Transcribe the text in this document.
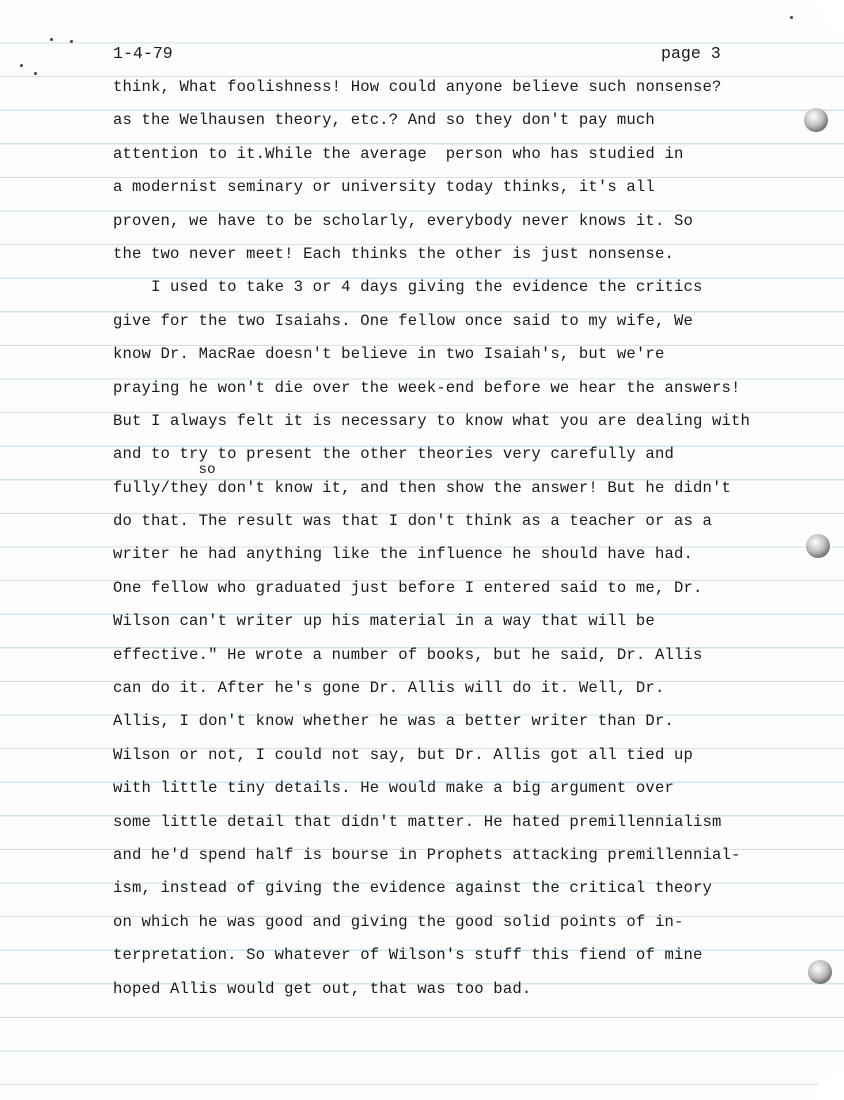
1-4-79	page 3
think, What foolishness! How could anyone believe such nonsense?
as the Welhausen theory, etc.? And so they don't pay much
attention to it.While the average  person who has studied in
a modernist seminary or university today thinks, it's all
proven, we have to be scholarly, everybody never knows it. So
the two never meet! Each thinks the other is just nonsense.
I used to take 3 or 4 days giving the evidence the critics
give for the two Isaiahs. One fellow once said to my wife, We
know Dr. MacRae doesn't believe in two Isaiah's, but we're
praying he won't die over the week-end before we hear the answers!
But I always felt it is necessary to know what you are dealing with
and to try to present the other theories very carefully and
so
fully/they don't know it, and then show the answer! But he didn't
do that. The result was that I don't think as a teacher or as a
writer he had anything like the influence he should have had.
One fellow who graduated just before I entered said to me, Dr.
Wilson can't writer up his material in a way that will be
effective." He wrote a number of books, but he said, Dr. Allis
can do it. After he's gone Dr. Allis will do it. Well, Dr.
Allis, I don't know whether he was a better writer than Dr.
Wilson or not, I could not say, but Dr. Allis got all tied up
with little tiny details. He would make a big argument over
some little detail that didn't matter. He hated premillennialism
and he'd spend half is bourse in Prophets attacking premillennial-
ism, instead of giving the evidence against the critical theory
on which he was good and giving the good solid points of in-
terpretation. So whatever of Wilson's stuff this fiend of mine
hoped Allis would get out, that was too bad.
